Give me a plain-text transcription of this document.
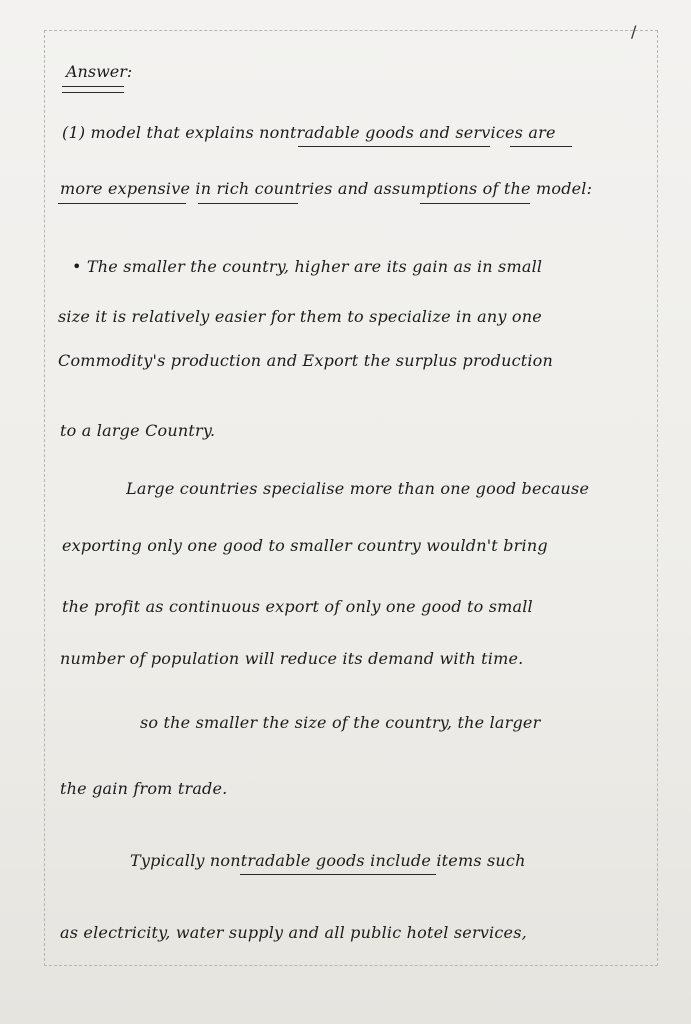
/
Answer:
(1) model that explains nontradable goods and services are
more expensive in rich countries and assumptions of the model:
• The smaller the country, higher are its gain as in small
size it is relatively easier for them to specialize in any one
Commodity's production and Export the surplus production
to a large Country.
Large countries specialise more than one good because
exporting only one good to smaller country wouldn't bring
the profit as continuous export of only one good to small
number of population will reduce its demand with time.
so the smaller the size of the country, the larger
the gain from trade.
Typically nontradable goods include items such
as electricity, water supply and all public hotel services,
